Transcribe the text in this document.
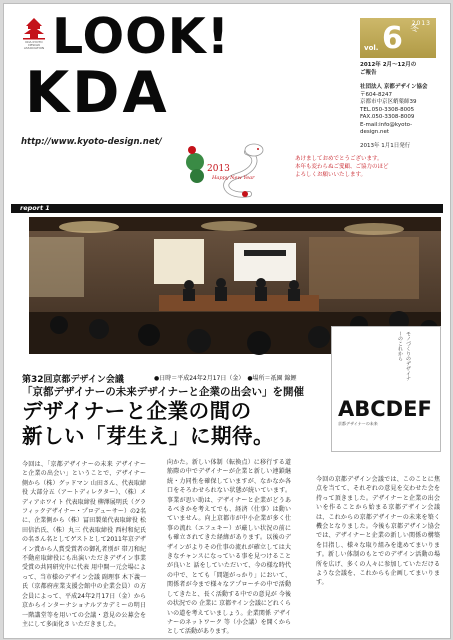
KDA KYOTO DESIGN ASSOCIATION LOOK!
KDA
http://www.kyoto-design.net/
2013
vol. 6 冬
2012年 2月〜12月の
ご報告
社団法人 京都デザイン協会
〒604-8247
京都市中京区蛸薬師39
TEL.050-3308-8005
FAX.050-3308-8009
E-mail:info@kyoto-design.net
2013年 1月1日発行
2013
Happy New Year
あけましておめでとうございます。
本年も変わらぬご愛顧、ご協力のほど
よろしくお願いいたします。
report 1
モノづくりのデザイナーのこれから
ABCDEF
京都デザイナーの未来
第32回京都デザイン会議	●日時＝平成24年2月17日（金）　●場所＝祇園 錦鯉
「京都デザイナーの未来デザイナーと企業の出会い」を開催
デザイナーと企業の間の
新しい「芽生え」に期待。
今回は、「京都デザイナーの未来 デザイナーと企業の出会い」ということで、デザイナー側から（株）グッドマン 山田さん、代表取締役 大部分五（アートディレクター）、（株）メディアホワイト 代表取締役 柳澤展明氏（グラフィックデザイナー・プロデューサー）の2名に、企業側から（株）冨田製菓代表取締役 松田信治氏、（株）丸三 代表取締役 西村和紀氏の名さん名としてゲストとして2011年京デザイン賞から人賞受賞者の御礼者別が 帯刀和紀 不動産取締役にも出演いただきデザイン事業受賞の共同研究中に代表 用中開一元会場によって、当市様のデザイン会議 副理事 木下義一氏（京都府産業支援会館中の企業会員）の方会員によって、平成24年2月17日（金）から京からインターナショナルアカデミーの明日一階講堂等を用いての会議・意見の公募会を主にして多面化さ いただきました。
向かた。新しい体制（転換点）に移行する道筋際の中でデザイナーが企業と新しい連鎖継続・力同性を確保していますが、なかなか各口をそろわせられない状態が続いています。事業が思い助は、デザイナーと企業がどうあるべきかを考えてでも、経済（仕事）は動いていません。向上京都市が中小企業が多く仕事の流れ（エフェキー）が厳しい状況の前にも確立されてきた経緯があります。以後のデザインがよりその仕事の流れが確立しては大きなチャンスになっている事を見つけることが良いと 話をしていただいて、今の様な時代の中で、とても「間題がっかり」において、関係者が今まで様々なアプローチの中で活動してきたと、長く活動する中での意見が 今後の状況での 企業に 京都サイン会議にどれくらいの道を考えていましょう。企業関係 デザイナーのネットワーク 等（小会議）を開くからとして活動があります。
今回の京都デザイン会議では、このことに焦点を当てて、それぞれの意見を交わせた会を持って頂きました。デザイナーと企業の出会いを作ることから始まる京都デザイン会議は、これからの京都デザイナーの未来を築く機会となりました。今後も京都デザイン協会では、デザイナーと企業の新しい関係の構築を目指し、様々な取り組みを進めてまいります。新しい体制のもとでのデザイン活動の場所を広げ、多くの人々に参加していただけるような会議を、これからも企画してまいります。
